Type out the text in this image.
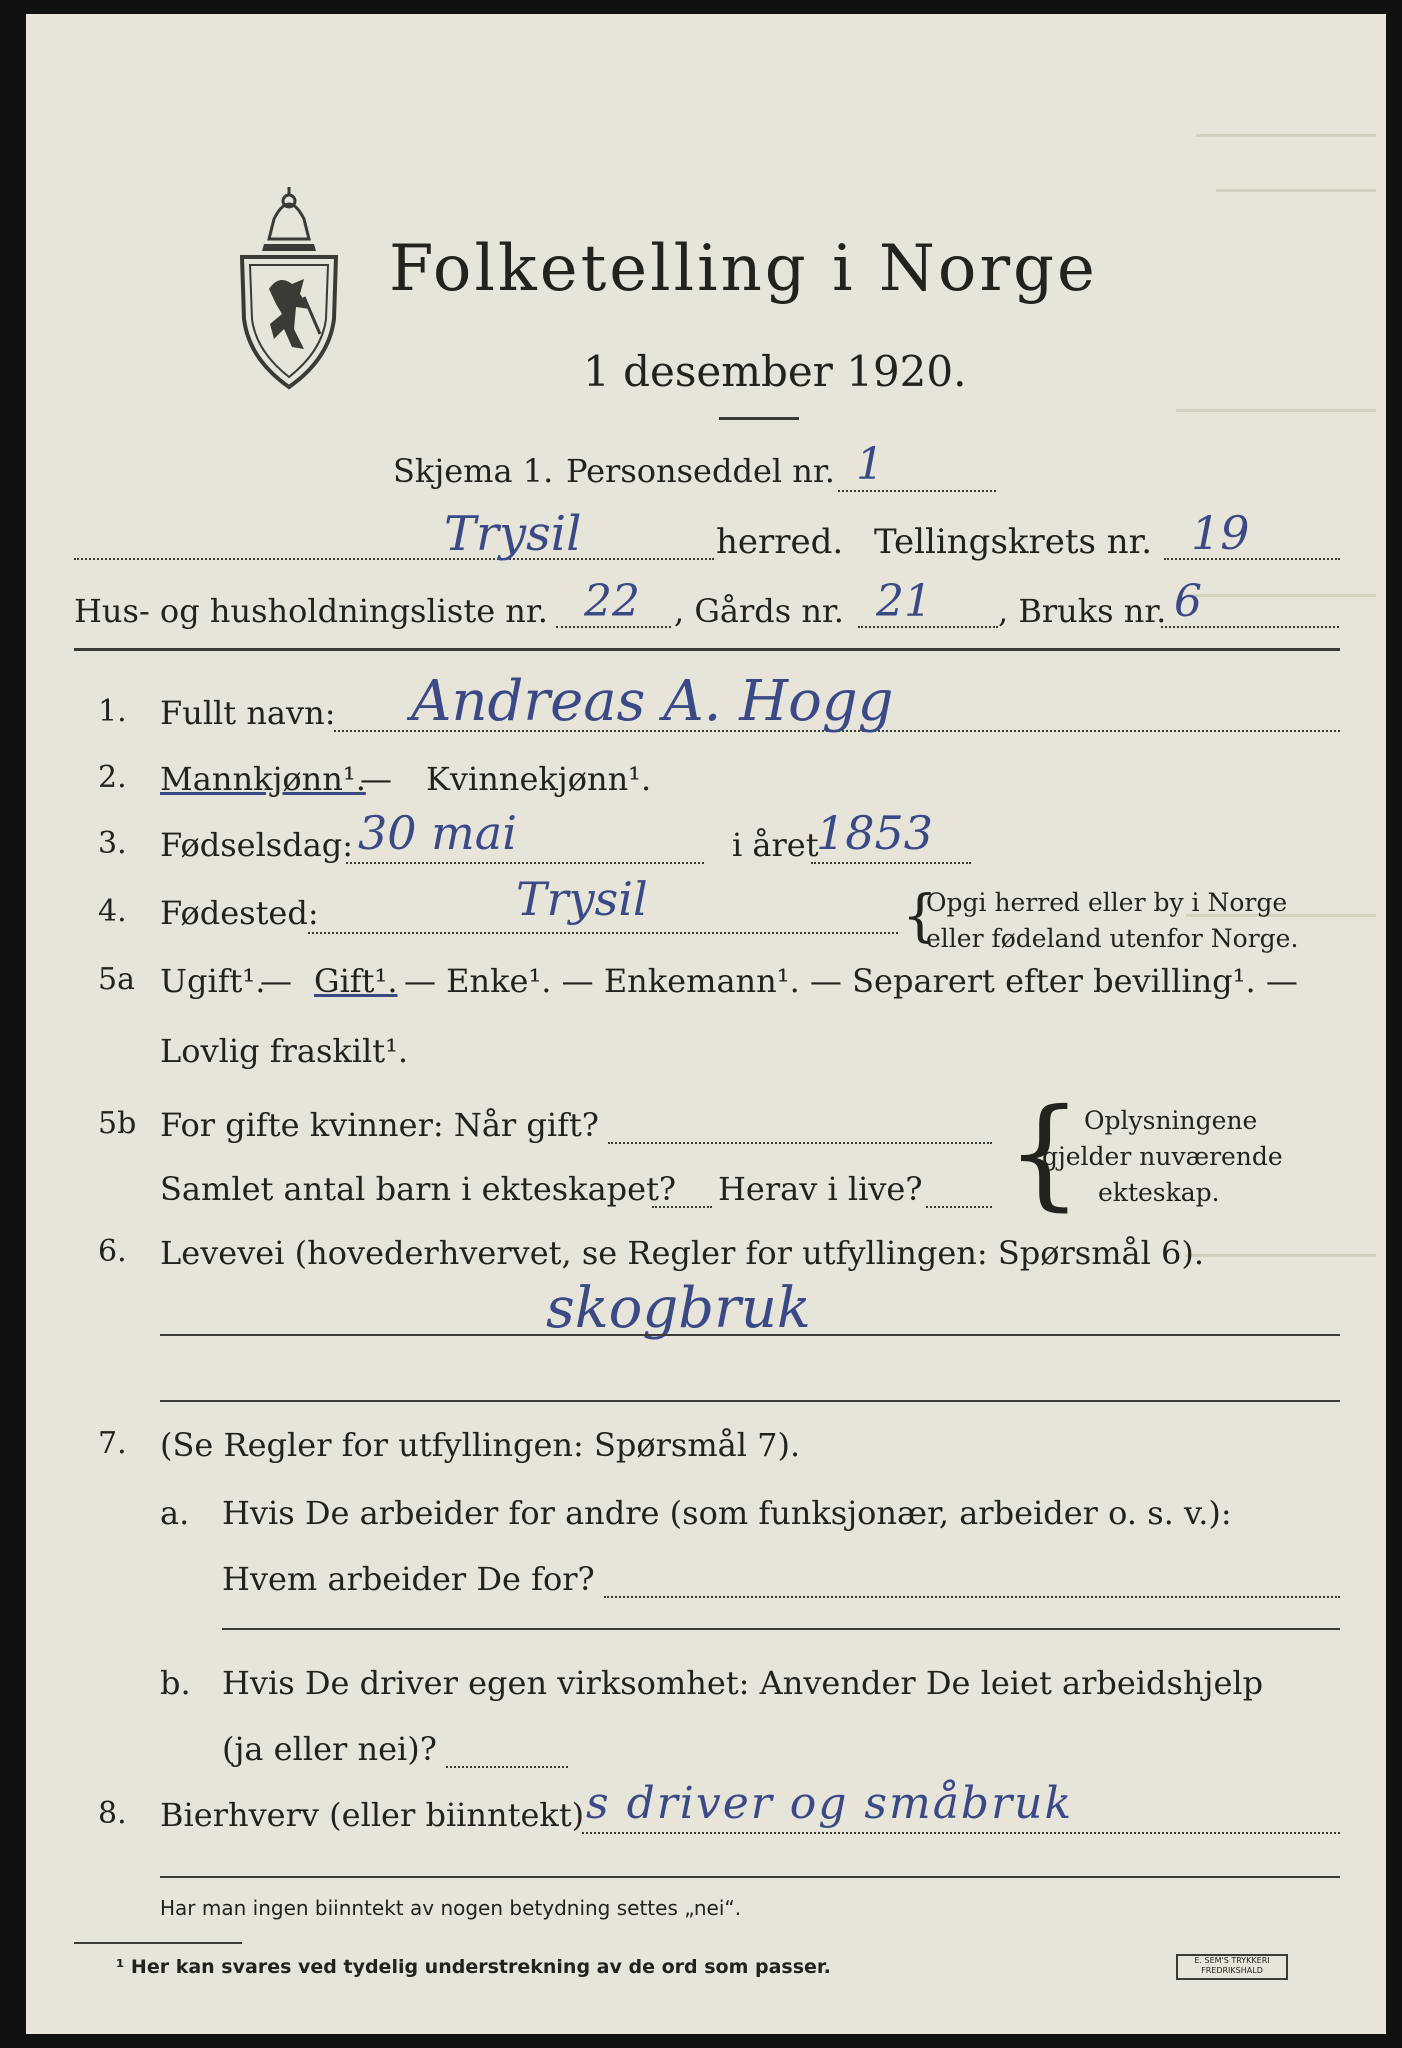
Folketelling i Norge
1 desember 1920.
Skjema 1. Personseddel nr. 1
Trysil	herred. Tellingskrets nr. 19
Hus- og husholdningsliste nr. 22 , Gårds nr. 21 , Bruks nr. 6
1. Fullt navn: Andreas A. Hogg
2. Mannkjønn¹.
— Kvinnekjønn¹.
3. Fødselsdag: 30 mai	i året
1853
4. Fødested:	Trysil	{
Opgi herred eller by i Norge
eller fødeland utenfor Norge.
5a Ugift¹.
— Gift¹. — Enke¹. — Enkemann¹. — Separert efter bevilling¹. —
Lovlig fraskilt¹.
5b For gifte kvinner: Når gift?
Samlet antal barn i ekteskapet? Herav i live? { Oplysningene
gjelder nuværende
ekteskap.
6. Levevei (hovederhvervet, se Regler for utfyllingen: Spørsmål 6).
skogbruk
7. (Se Regler for utfyllingen: Spørsmål 7).
a. Hvis De arbeider for andre (som funksjonær, arbeider o. s. v.):
Hvem arbeider De for?
b. Hvis De driver egen virksomhet: Anvender De leiet arbeidshjelp
(ja eller nei)?
8. Bierhverv (eller biinntekt) s driver og småbruk
Har man ingen biinntekt av nogen betydning settes „nei“.
¹ Her kan svares ved tydelig understrekning av de ord som passer.	E. SEM'S TRYKKERI FREDRIKSHALD
